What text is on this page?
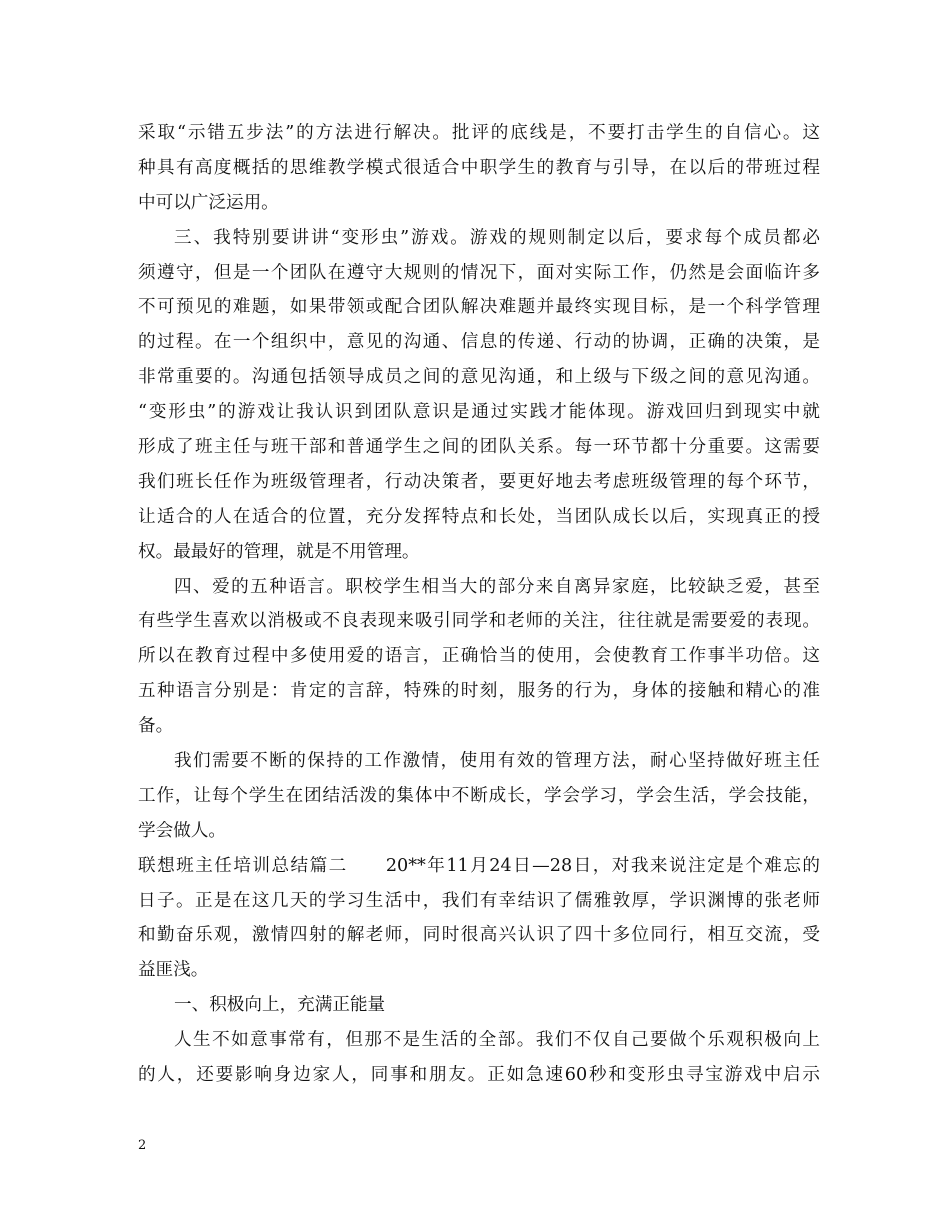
采取“示错五步法”的方法进行解决。批评的底线是，不要打击学生的自信心。这
种具有高度概括的思维教学模式很适合中职学生的教育与引导，在以后的带班过程
中可以广泛运用。
三、我特别要讲讲“变形虫”游戏。游戏的规则制定以后，要求每个成员都必
须遵守，但是一个团队在遵守大规则的情况下，面对实际工作，仍然是会面临许多
不可预见的难题，如果带领或配合团队解决难题并最终实现目标，是一个科学管理
的过程。在一个组织中，意见的沟通、信息的传递、行动的协调，正确的决策，是
非常重要的。沟通包括领导成员之间的意见沟通，和上级与下级之间的意见沟通。
“变形虫”的游戏让我认识到团队意识是通过实践才能体现。游戏回归到现实中就
形成了班主任与班干部和普通学生之间的团队关系。每一环节都十分重要。这需要
我们班长任作为班级管理者，行动决策者，要更好地去考虑班级管理的每个环节，
让适合的人在适合的位置，充分发挥特点和长处，当团队成长以后，实现真正的授
权。最最好的管理，就是不用管理。
四、爱的五种语言。职校学生相当大的部分来自离异家庭，比较缺乏爱，甚至
有些学生喜欢以消极或不良表现来吸引同学和老师的关注，往往就是需要爱的表现。
所以在教育过程中多使用爱的语言，正确恰当的使用，会使教育工作事半功倍。这
五种语言分别是：肯定的言辞，特殊的时刻，服务的行为，身体的接触和精心的准
备。
我们需要不断的保持的工作激情，使用有效的管理方法，耐心坚持做好班主任
工作，让每个学生在团结活泼的集体中不断成长，学会学习，学会生活，学会技能，
学会做人。
联想班主任培训总结篇二　　20**年11月24日—28日，对我来说注定是个难忘的
日子。正是在这几天的学习生活中，我们有幸结识了儒雅敦厚，学识渊博的张老师
和勤奋乐观，激情四射的解老师，同时很高兴认识了四十多位同行，相互交流，受
益匪浅。
一、积极向上，充满正能量
人生不如意事常有，但那不是生活的全部。我们不仅自己要做个乐观积极向上
的人，还要影响身边家人，同事和朋友。正如急速60秒和变形虫寻宝游戏中启示
2
